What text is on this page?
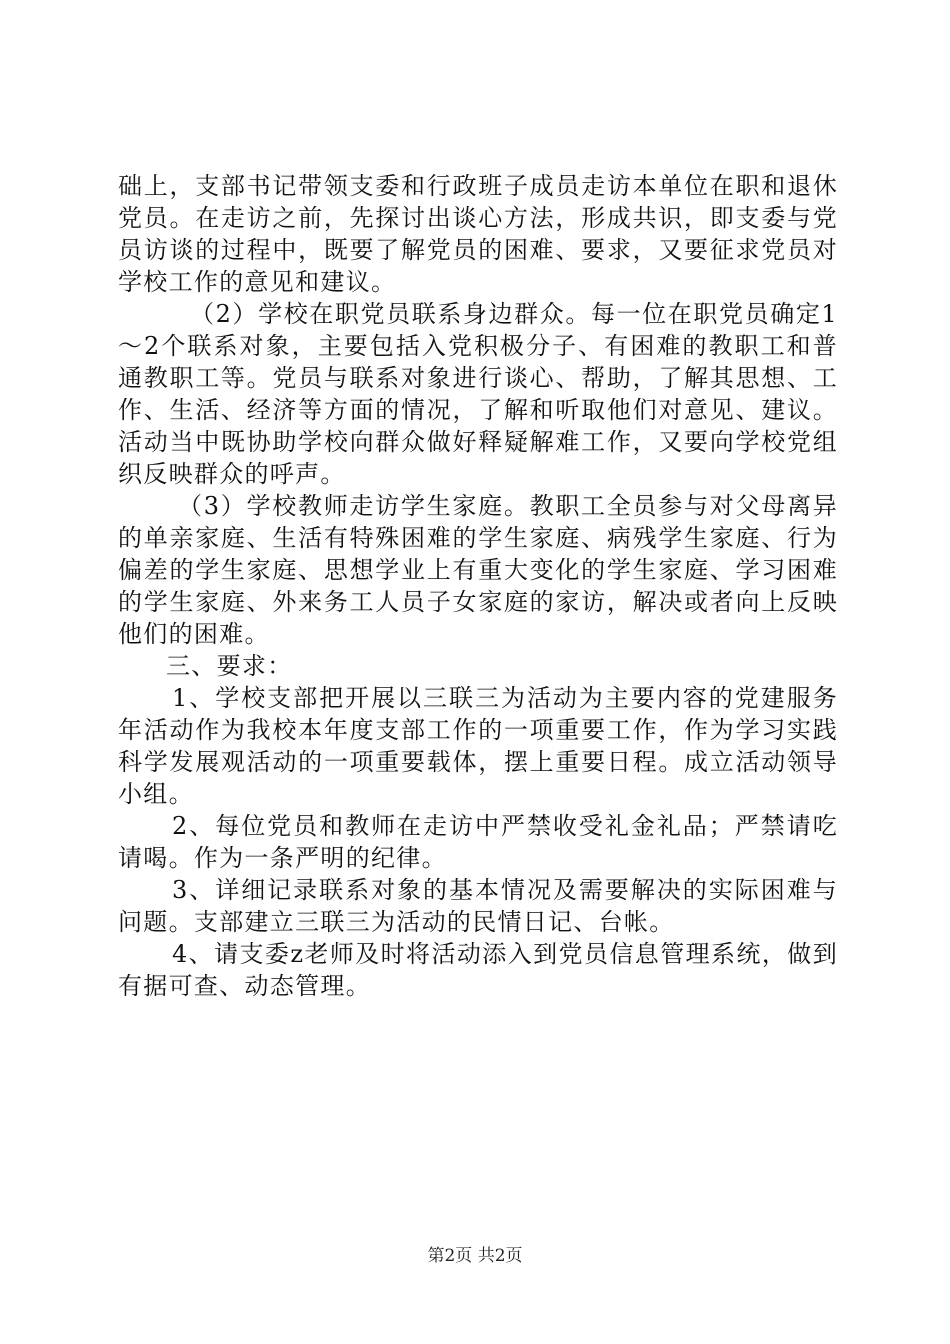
础上，支部书记带领支委和行政班子成员走访本单位在职和退休党员。在走访之前，先探讨出谈心方法，形成共识，即支委与党员访谈的过程中，既要了解党员的困难、要求，又要征求党员对学校工作的意见和建议。

（2）学校在职党员联系身边群众。每一位在职党员确定1～2个联系对象，主要包括入党积极分子、有困难的教职工和普通教职工等。党员与联系对象进行谈心、帮助，了解其思想、工作、生活、经济等方面的情况，了解和听取他们对意见、建议。活动当中既协助学校向群众做好释疑解难工作，又要向学校党组织反映群众的呼声。

（3）学校教师走访学生家庭。教职工全员参与对父母离异的单亲家庭、生活有特殊困难的学生家庭、病残学生家庭、行为偏差的学生家庭、思想学业上有重大变化的学生家庭、学习困难的学生家庭、外来务工人员子女家庭的家访，解决或者向上反映他们的困难。

三、要求：

1、学校支部把开展以三联三为活动为主要内容的党建服务年活动作为我校本年度支部工作的一项重要工作，作为学习实践科学发展观活动的一项重要载体，摆上重要日程。成立活动领导小组。

2、每位党员和教师在走访中严禁收受礼金礼品；严禁请吃请喝。作为一条严明的纪律。

3、详细记录联系对象的基本情况及需要解决的实际困难与问题。支部建立三联三为活动的民情日记、台帐。

4、请支委z老师及时将活动添入到党员信息管理系统，做到有据可查、动态管理。

第2页 共2页
